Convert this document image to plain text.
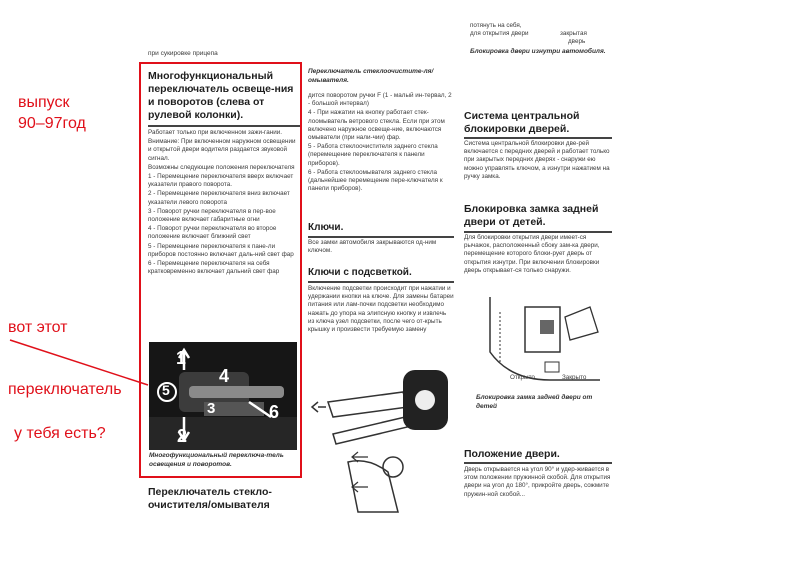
при сукировке прицепа
Многофункциональный переключатель освеще-ния и поворотов (слева от рулевой колонки).

Работает только при включенном зажи-гании.

Внимание: При включенном наружном освещении и открытой двери водителя раздается звуковой сигнал.

Возможны следующие положения переключателя

1 - Перемещение переключателя вверх включает указатели правого поворота.

2 - Перемещение переключателя вниз включает указатели левого поворота

3 - Поворот ручки переключателя в пер-вое положение включает габаритные огни

4 - Поворот ручки переключателя во второе положение включает ближний свет

5 - Перемещение переключателя к пане-ли приборов постоянно включает даль-ний свет фар

6 - Перемещение переключателя на себя кратковременно включает дальний свет фар

1
4
5
3
2
6
Многофункциональный переключа-тель освещения и поворотов.
Переключатель стекло-очистителя/омывателя
Переключатель стеклоочистите-ля/омывателя.

дится поворотом ручки F (1 - малый ин-тервал, 2 - большой интервал)

4 - При нажатии на кнопку работает стек-лоомыватель ветрового стекла. Если при этом включено наружное освеще-ние, включаются омыватели (при нали-чии) фар.

5 - Работа стеклоочистителя заднего стекла (перемещение переключателя к панели приборов).

6 - Работа стеклоомывателя заднего стекла (дальнейшее перемещение пере-ключателя к панели приборов).

Ключи.
Все замки автомобиля закрываются од-ним ключом.
Ключи с подсветкой.
Включение подсветки происходит при нажатии и удержании кнопки на ключе. Для замены батареи питания или лам-почки подсветки необходимо нажать до упора на элипсную кнопку и извлечь из ключа узел подсветки, после чего от-крыть крышку и произвести требуемую замену
потянуть на себя,
для открытия двери	закрытая
дверь
Блокировка двери изнутри автомобиля.
Система центральной блокировки дверей.
Система центральной блокировки две-рей включается с передних дверей и работает только при закрытых передних дверях - снаружи ею можно управлять ключом, а изнутри нажатием на ручку замка.
Блокировка замка задней двери от детей.
Для блокировки открытия двери имеет-ся рычажок, расположенный сбоку зам-ка двери, перемещение которого блоки-рует дверь от открытия изнутри. При включении блокировки дверь открывает-ся только снаружи.
Открыто	Закрыто
Блокировка замка задней двери от детей
Положение двери.
Дверь открывается на угол 90° и удер-живается в этом положении пружинной скобой. Для открытия двери на угол до 180°, прикройте дверь, сожмите пружин-ной скобой...
выпуск
90–97год
вот этот
переключатель
у тебя есть?
